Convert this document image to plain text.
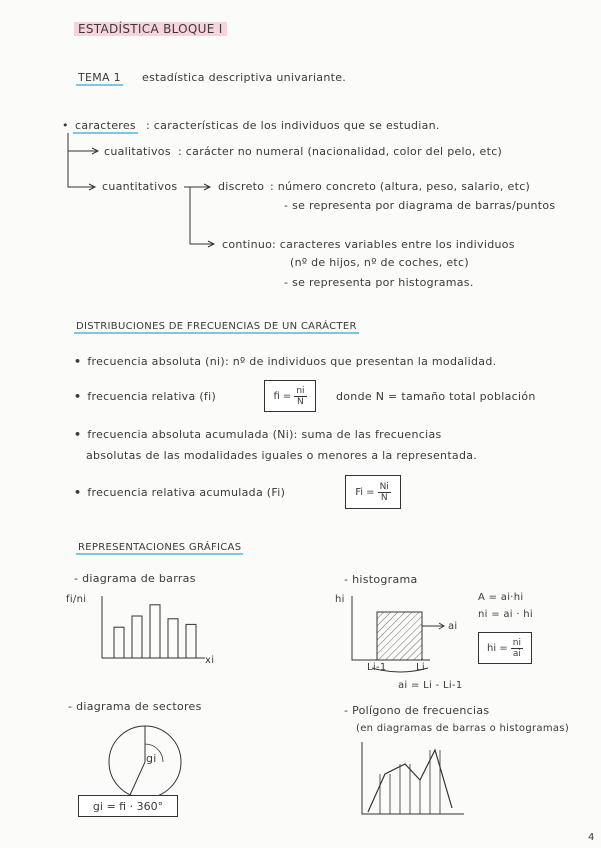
ESTADÍSTICA BLOQUE I
TEMA 1 estadística descriptiva univariante.
• caracteres : características de los individuos que se estudian.
cualitativos : carácter no numeral (nacionalidad, color del pelo, etc)
cuantitativos	discreto : número concreto (altura, peso, salario, etc)
- se representa por diagrama de barras/puntos
continuo : caracteres variables entre los individuos
(nº de hijos, nº de coches, etc)
- se representa por histogramas.
DISTRIBUCIONES DE FRECUENCIAS DE UN CARÁCTER
• frecuencia absoluta (ni): nº de individuos que presentan la modalidad.
• frecuencia relativa (fi)	fi = $\frac{ni}{N}$	donde N = tamaño total población
• frecuencia absoluta acumulada (Ni): suma de las frecuencias
absolutas de las modalidades iguales o menores a la representada.
• frecuencia relativa acumulada (Fi)	$Fi = \frac{Ni}{N}$
REPRESENTACIONES GRÁFICAS
- diagrama de barras
fi/ni
xi
- histograma
hi
ai
Li-1	Li
ai = Li - Li-1
A = ai·hi
ni = ai · hi
hi = $\frac{ni}{ai}$
- diagrama de sectores
gi
gi = fi · 360°
- Polígono de frecuencias
(en diagramas de barras o histogramas)
4
